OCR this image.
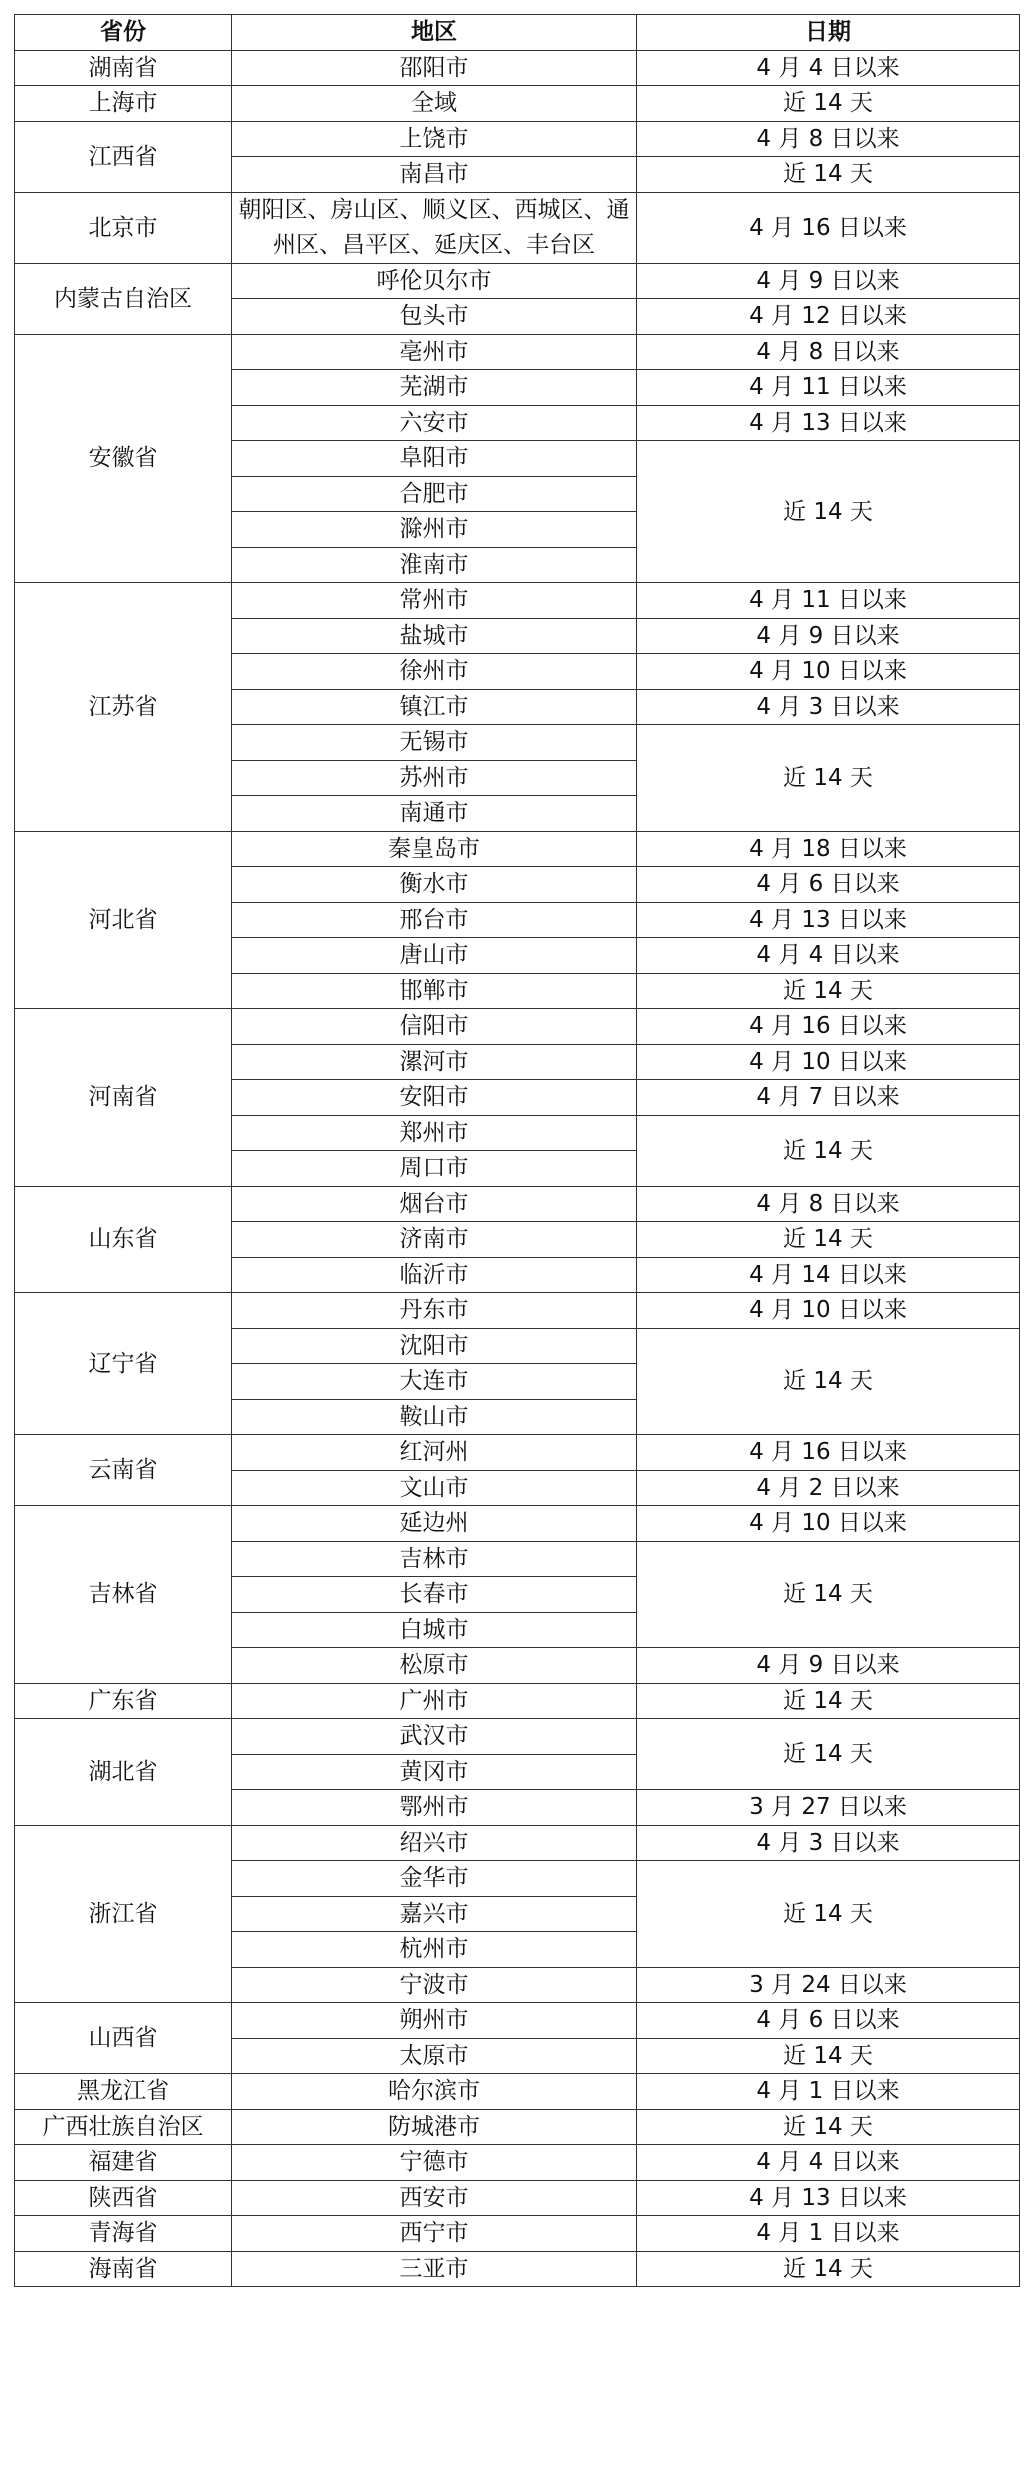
省份	地区	日期
湖南省	邵阳市	4 月 4 日以来
上海市	全域	近 14 天
江西省	上饶市	4 月 8 日以来
	南昌市	近 14 天
北京市	朝阳区、房山区、顺义区、西城区、通州区、昌平区、延庆区、丰台区	4 月 16 日以来
内蒙古自治区	呼伦贝尔市	4 月 9 日以来
	包头市	4 月 12 日以来
安徽省	亳州市	4 月 8 日以来
	芜湖市	4 月 11 日以来
	六安市	4 月 13 日以来
	阜阳市	近 14 天
	合肥市	
	滁州市	
	淮南市	
江苏省	常州市	4 月 11 日以来
	盐城市	4 月 9 日以来
	徐州市	4 月 10 日以来
	镇江市	4 月 3 日以来
	无锡市	近 14 天
	苏州市	
	南通市	
河北省	秦皇岛市	4 月 18 日以来
	衡水市	4 月 6 日以来
	邢台市	4 月 13 日以来
	唐山市	4 月 4 日以来
	邯郸市	近 14 天
河南省	信阳市	4 月 16 日以来
	漯河市	4 月 10 日以来
	安阳市	4 月 7 日以来
	郑州市	近 14 天
	周口市	
山东省	烟台市	4 月 8 日以来
	济南市	近 14 天
	临沂市	4 月 14 日以来
辽宁省	丹东市	4 月 10 日以来
	沈阳市	近 14 天
	大连市	
	鞍山市	
云南省	红河州	4 月 16 日以来
	文山市	4 月 2 日以来
吉林省	延边州	4 月 10 日以来
	吉林市	近 14 天
	长春市	
	白城市	
	松原市	4 月 9 日以来
广东省	广州市	近 14 天
湖北省	武汉市	近 14 天
	黄冈市	
	鄂州市	3 月 27 日以来
浙江省	绍兴市	4 月 3 日以来
	金华市	近 14 天
	嘉兴市	
	杭州市	
	宁波市	3 月 24 日以来
山西省	朔州市	4 月 6 日以来
	太原市	近 14 天
黑龙江省	哈尔滨市	4 月 1 日以来
广西壮族自治区	防城港市	近 14 天
福建省	宁德市	4 月 4 日以来
陕西省	西安市	4 月 13 日以来
青海省	西宁市	4 月 1 日以来
海南省	三亚市	近 14 天
